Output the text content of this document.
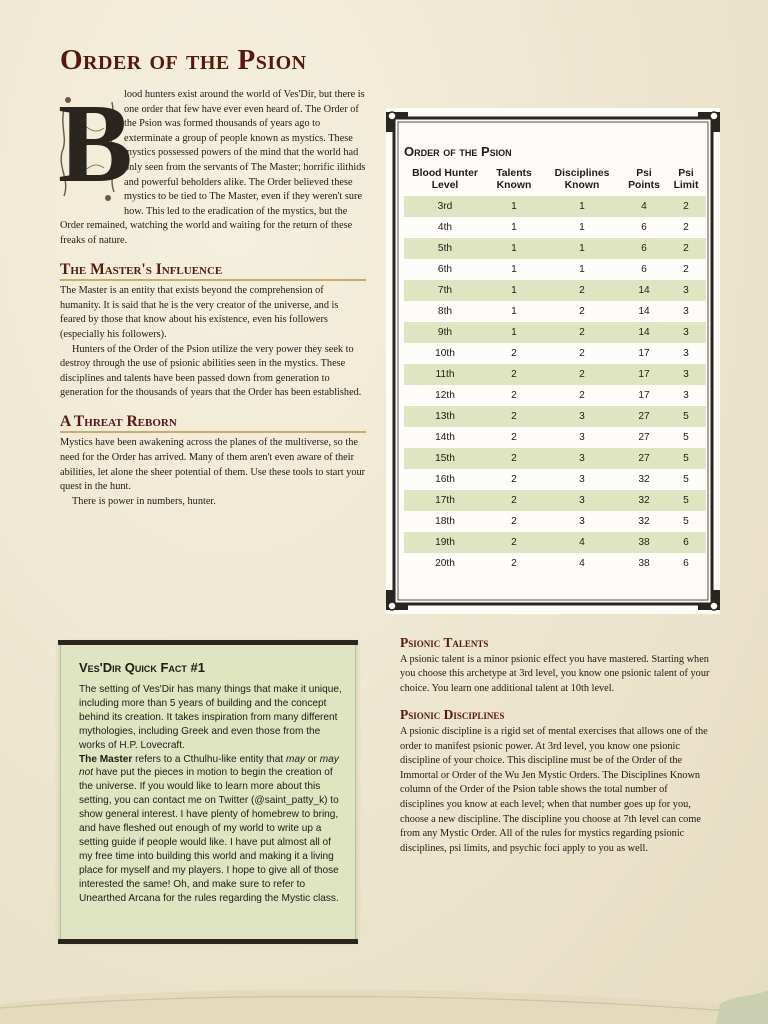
Order of the Psion
B

lood hunters exist around the world of Ves'Dir, but there is one order that few have ever even heard of. The Order of the Psion was formed thousands of years ago to exterminate a group of people known as mystics. These mystics possessed powers of the mind that the world had only seen from the servants of The Master; horrific ilithids and powerful beholders alike. The Order believed these mystics to be tied to The Master, even if they weren't sure how. This led to the eradication of the mystics, but the Order remained, watching the world and waiting for the return of these freaks of nature.

The Master's Influence

The Master is an entity that exists beyond the comprehension of humanity. It is said that he is the very creator of the universe, and is feared by those that know about his existence, even his followers (especially his followers).

Hunters of the Order of the Psion utilize the very power they seek to destroy through the use of psionic abilities seen in the mystics. These disciplines and talents have been passed down from generation to generation for the thousands of years that the Order has been established.

A Threat Reborn

Mystics have been awakening across the planes of the multiverse, so the need for the Order has arrived. Many of them aren't even aware of their abilities, let alone the sheer potential of them. Use these tools to start your quest in the hunt.

There is power in numbers, hunter.

Order of the Psion
Blood Hunter Level	Talents Known	Disciplines Known	Psi Points	Psi Limit
3rd	1	1	4	2
4th	1	1	6	2
5th	1	1	6	2
6th	1	1	6	2
7th	1	2	14	3
8th	1	2	14	3
9th	1	2	14	3
10th	2	2	17	3
11th	2	2	17	3
12th	2	2	17	3
13th	2	3	27	5
14th	2	3	27	5
15th	2	3	27	5
16th	2	3	32	5
17th	2	3	32	5
18th	2	3	32	5
19th	2	4	38	6
20th	2	4	38	6
Ves'Dir Quick Fact #1

The setting of Ves'Dir has many things that make it unique, including more than 5 years of building and the concept behind its creation. It takes inspiration from many different mythologies, including Greek and even those from the works of H.P. Lovecraft.
The Master refers to a Cthulhu-like entity that may or may not have put the pieces in motion to begin the creation of the universe. If you would like to learn more about this setting, you can contact me on Twitter (@saint_patty_k) to show general interest. I have plenty of homebrew to bring, and have fleshed out enough of my world to write up a setting guide if people would like. I have put almost all of my free time into building this world and making it a living place for myself and my players. I hope to give all of those interested the same! Oh, and make sure to refer to Unearthed Arcana for the rules regarding the Mystic class.

Psionic Talents

A psionic talent is a minor psionic effect you have mastered. Starting when you choose this archetype at 3rd level, you know one psionic talent of your choice. You learn one additional talent at 10th level.

Psionic Disciplines

A psionic discipline is a rigid set of mental exercises that allows one of the order to manifest psionic power. At 3rd level, you know one psionic discipline of your choice. This discipline must be of the Order of the Immortal or Order of the Wu Jen Mystic Orders. The Disciplines Known column of the Order of the Psion table shows the total number of disciplines you know at each level; when that number goes up for you, choose a new discipline. The discipline you choose at 7th level can come from any Mystic Order. All of the rules for mystics regarding psionic disciplines, psi limits, and psychic foci apply to you as well.
